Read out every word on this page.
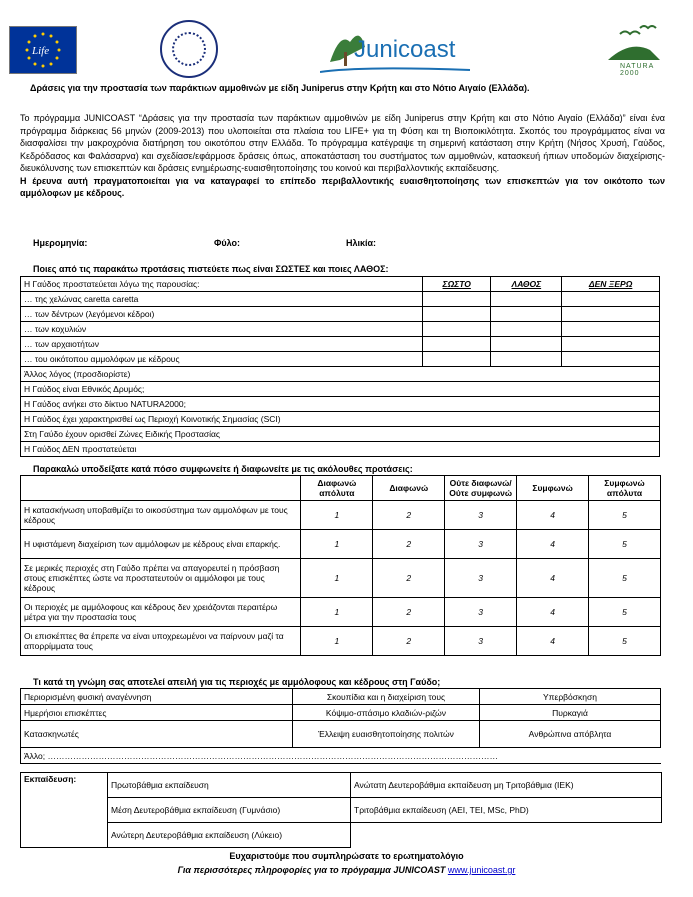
Life	Junicoast
NATURA 2000
Δράσεις για την προστασία των παράκτιων αμμοθινών με είδη Juniperus στην Κρήτη και στο Νότιο Αιγαίο (Ελλάδα).

Το πρόγραμμα JUNICOAST “Δράσεις για την προστασία των παράκτιων αμμοθινών με είδη Juniperus στην Κρήτη και στο Νότιο Αιγαίο (Ελλάδα)” είναι ένα πρόγραμμα διάρκειας 56 μηνών (2009-2013) που υλοποιείται στα πλαίσια του LIFE+ για τη Φύση και τη Βιοποικιλότητα. Σκοπός του προγράμματος είναι να διασφαλίσει την μακροχρόνια διατήρηση του οικοτόπου στην Ελλάδα. Το πρόγραμμα κατέγραψε τη σημερινή κατάσταση στην Κρήτη (Νήσος Χρυσή, Γαύδος, Κεδρόδασος και Φαλάσαρνα) και σχεδίασε/εφάρμοσε δράσεις όπως, αποκατάσταση του συστήματος των αμμοθινών, κατασκευή ήπιων υποδομών διαχείρισης-διευκόλυνσης των επισκεπτών και δράσεις ενημέρωσης-ευαισθητοποίησης του κοινού και περιβαλλοντικής εκπαίδευσης.

Η έρευνα αυτή πραγματοποιείται για να καταγραφεί το επίπεδο περιβαλλοντικής ευαισθητοποίησης των επισκεπτών για τον οικότοπο των αμμόλοφων με κέδρους.

Ημερομηνία:	Φύλο:	Ηλικία:
Ποιες από τις παρακάτω προτάσεις πιστεύετε πως είναι ΣΩΣΤΕΣ και ποιες ΛΑΘΟΣ:
Η Γαύδος προστατεύεται λόγω της παρουσίας:	ΣΩΣΤΟ	ΛΑΘΟΣ	ΔΕΝ ΞΕΡΩ
… της χελώνας caretta caretta			
… των δέντρων (λεγόμενοι κέδροι)			
… των κοχυλιών			
… των αρχαιοτήτων			
… του οικότοπου αμμολόφων με κέδρους			
Άλλος λόγος (προσδιορίστε)			
Η Γαύδος είναι Εθνικός Δρυμός;			
Η Γαύδος ανήκει στο δίκτυο NATURA2000;			
Η Γαύδος έχει χαρακτηρισθεί ως Περιοχή Κοινοτικής Σημασίας (SCI)			
Στη Γαύδο έχουν ορισθεί Ζώνες Ειδικής Προστασίας			
Η Γαύδος ΔΕΝ προστατεύεται			
Παρακαλώ υποδείξατε κατά πόσο συμφωνείτε ή διαφωνείτε με τις ακόλουθες προτάσεις:
	Διαφωνώ απόλυτα	Διαφωνώ	Ούτε διαφωνώ/ Ούτε συμφωνώ	Συμφωνώ	Συμφωνώ απόλυτα
Η κατασκήνωση υποβαθμίζει το οικοσύστημα των αμμολόφων με τους κέδρους	1	2	3	4	5
Η υφιστάμενη διαχείριση των αμμόλοφων με κέδρους είναι επαρκής.	1	2	3	4	5
Σε μερικές περιοχές στη Γαύδο πρέπει να απαγορευτεί η πρόσβαση στους επισκέπτες ώστε να προστατευτούν οι αμμόλοφοι με τους κέδρους	1	2	3	4	5
Οι περιοχές με αμμόλοφους και κέδρους δεν χρειάζονται περαιτέρω μέτρα για την προστασία τους	1	2	3	4	5
Οι επισκέπτες θα έπρεπε να είναι υποχρεωμένοι να παίρνουν μαζί τα απορρίμματα τους	1	2	3	4	5
Τι κατά τη γνώμη σας αποτελεί απειλή για τις περιοχές με αμμόλοφους και κέδρους στη Γαύδο;
Περιορισμένη φυσική αναγέννηση	Σκουπίδια και η διαχείριση τους	Υπερβόσκηση
Ημερήσιοι επισκέπτες	Κόψιμο-σπάσιμο κλαδιών-ριζών	Πυρκαγιά
Κατασκηνωτές	Έλλειψη ευαισθητοποίησης πολιτών	Ανθρώπινα απόβλητα
Άλλο; ……………………………………………………………………………………………………………………………………………		
Εκπαίδευση:	Πρωτοβάθμια εκπαίδευση	Ανώτατη Δευτεροβάθμια εκπαίδευση μη Τριτοβάθμια (ΙΕΚ)
	Μέση Δευτεροβάθμια εκπαίδευση (Γυμνάσιο)	Τριτοβάθμια εκπαίδευση (ΑΕΙ, ΤΕΙ, MSc, PhD)
	Ανώτερη Δευτεροβάθμια εκπαίδευση (Λύκειο)	
Ευχαριστούμε που συμπληρώσατε το ερωτηματολόγιο
Για περισσότερες πληροφορίες για το πρόγραμμα JUNICOAST www.junicoast.gr
